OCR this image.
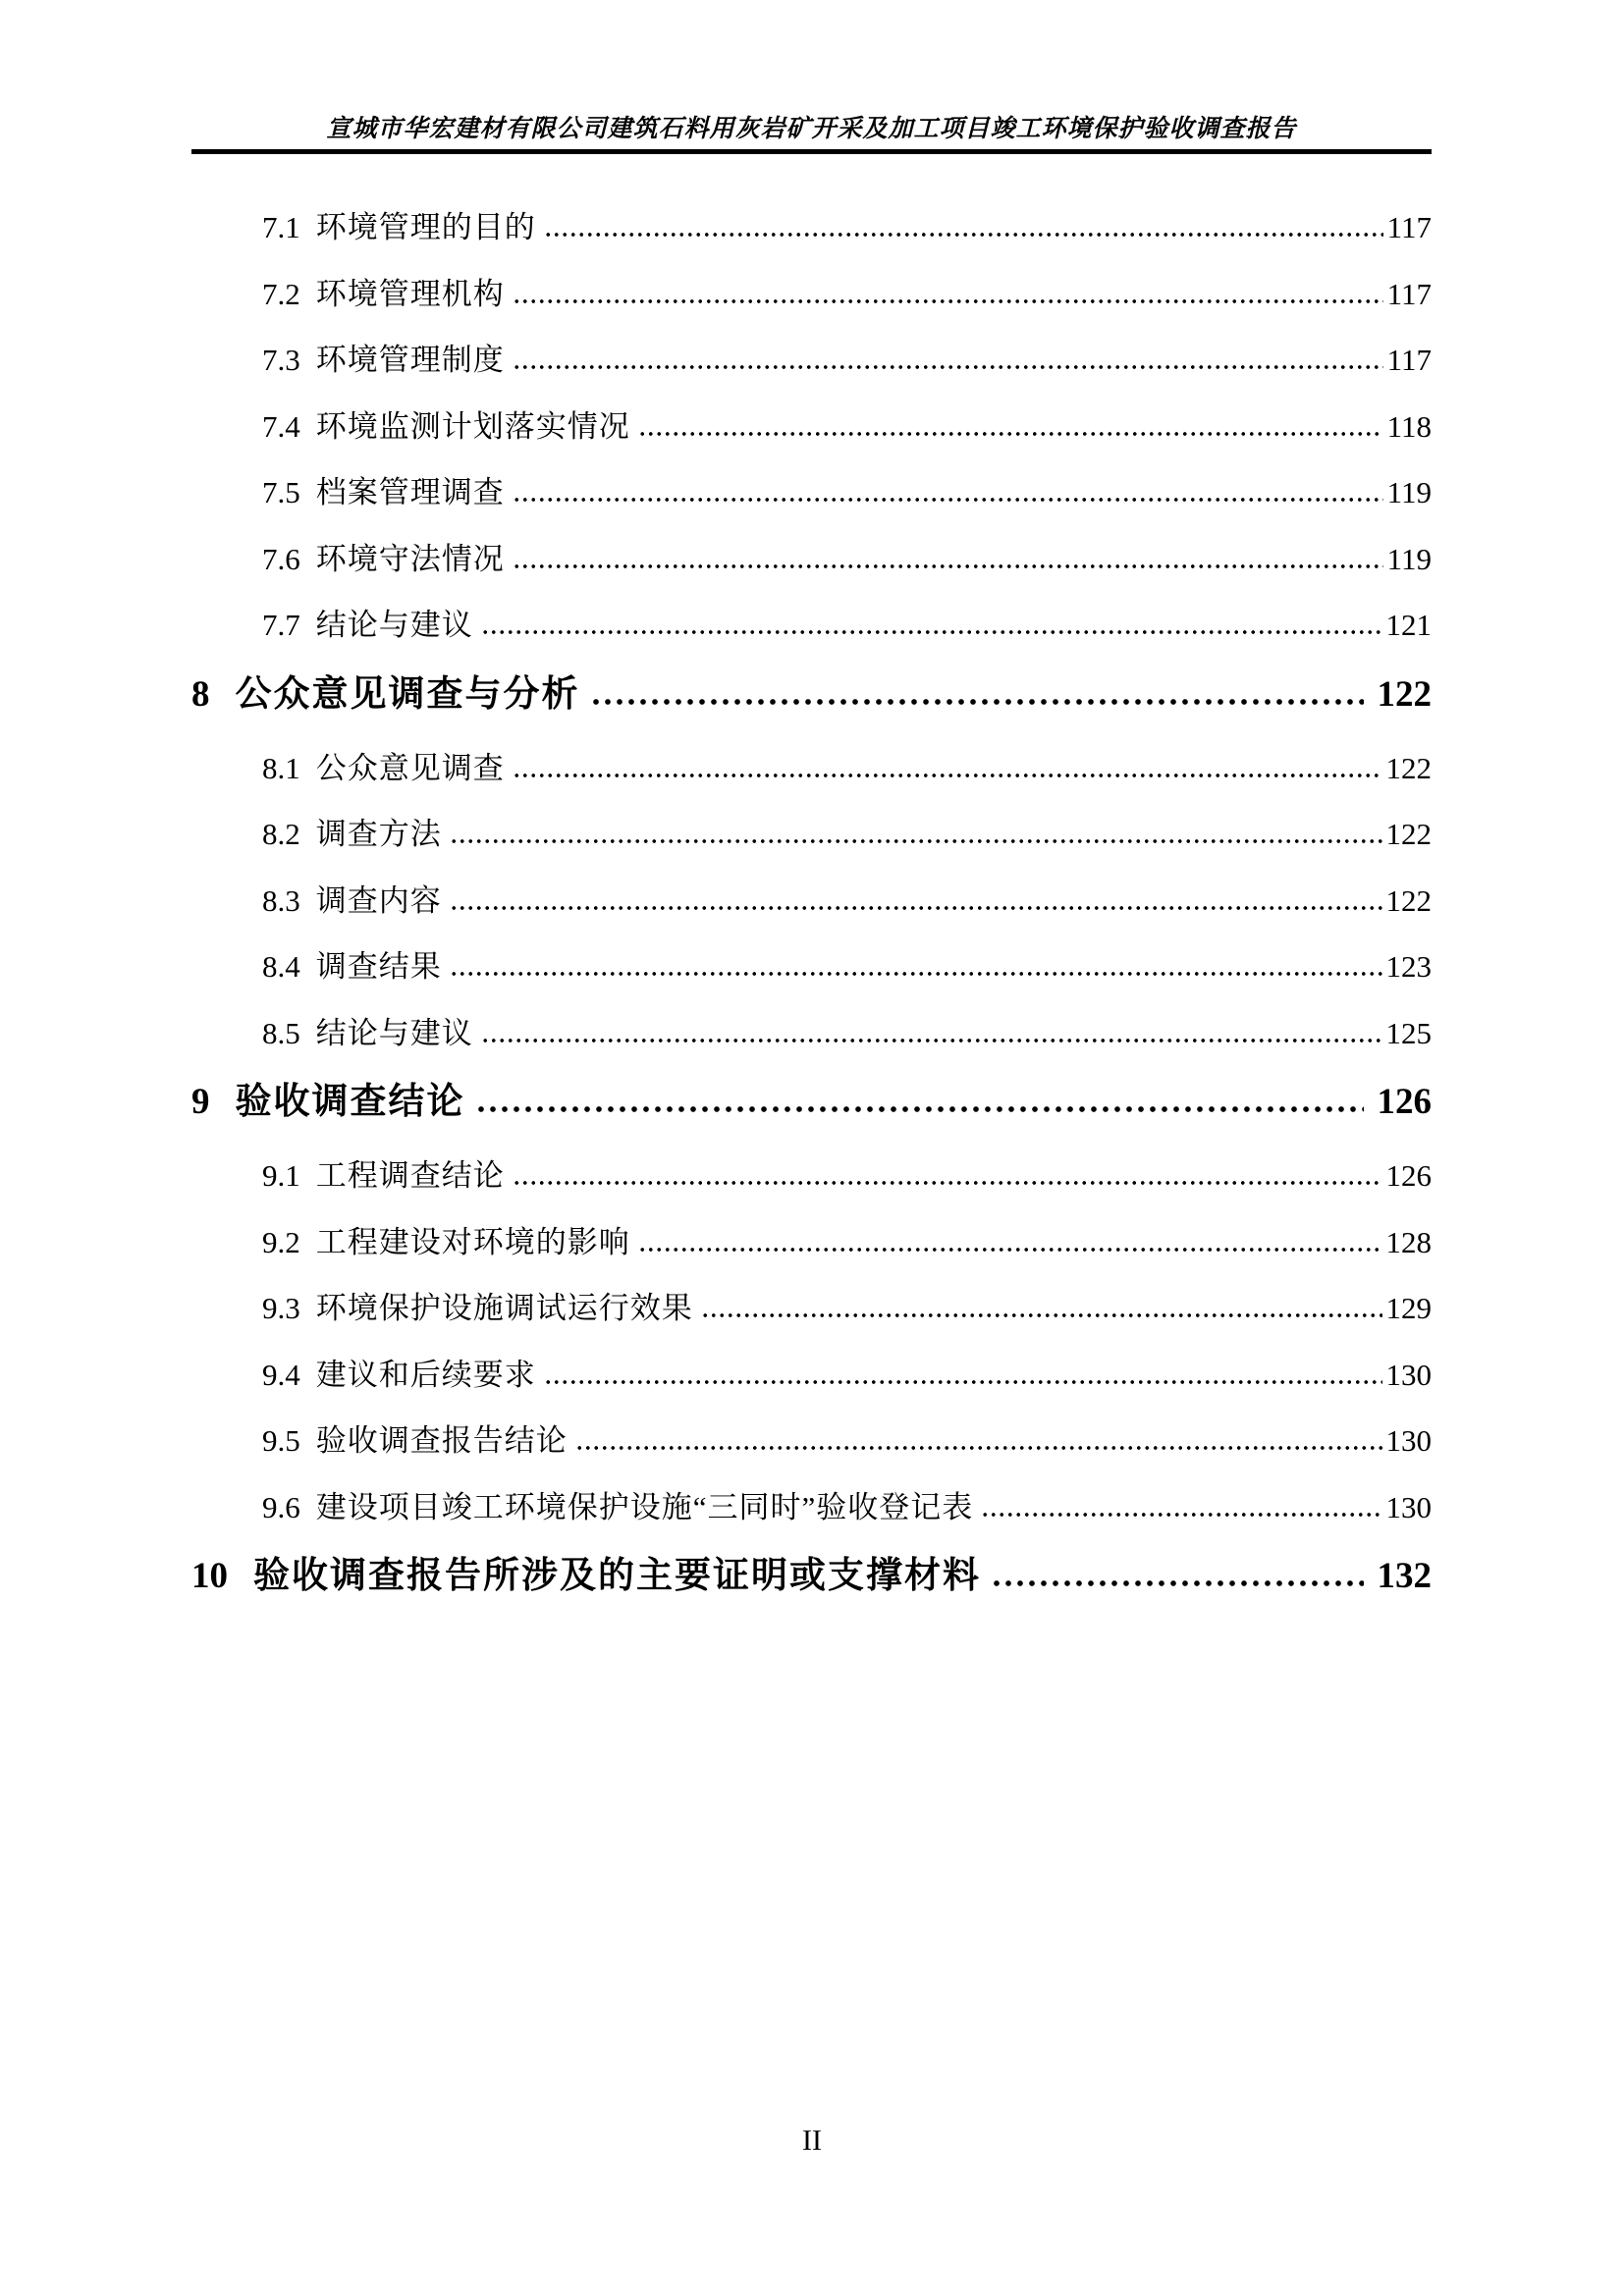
宣城市华宏建材有限公司建筑石料用灰岩矿开采及加工项目竣工环境保护验收调查报告
7.1 环境管理的目的	117
7.2 环境管理机构	117
7.3 环境管理制度	117
7.4 环境监测计划落实情况	118
7.5 档案管理调查	119
7.6 环境守法情况	119
7.7 结论与建议	121
8 公众意见调查与分析	122
8.1 公众意见调查	122
8.2 调查方法	122
8.3 调查内容	122
8.4 调查结果	123
8.5 结论与建议	125
9 验收调查结论	126
9.1 工程调查结论	126
9.2 工程建设对环境的影响	128
9.3 环境保护设施调试运行效果	129
9.4 建议和后续要求	130
9.5 验收调查报告结论	130
9.6 建设项目竣工环境保护设施“三同时”验收登记表	130
10 验收调查报告所涉及的主要证明或支撑材料	132
II
